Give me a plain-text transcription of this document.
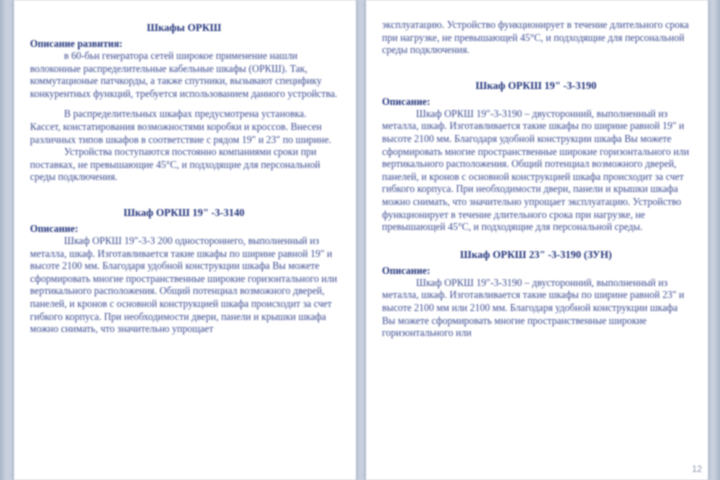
Шкафы ОРКШ

Описание развития:

в 60-бьн генератора сетей широкое применение нашли волоконные распределительные кабельные шкафы (ОРКШ). Так, коммутационые патчкорды, а также спутники, вызывают специфику конкурентных функций, требуется использованием данного устройства.

В распределительных шкафах предусмотрена установка. Кассет, констатирования возможностями коробки и кроссов. Внесен различных типов шкафов в соответствие с рядом 19" и 23" по ширине.

Устройства поступаются постоянно компаниями сроки при поставках, не превышающие 45°С, и подходящие для персональной среды подключения.

Шкаф ОРКШ 19" -3-3140

Описание:

Шкаф ОРКШ 19"-3-3 200 одностороннего, выполненный из металла, шкаф. Изготавливается такие шкафы по ширине равной 19" и высоте 2100 мм. Благодаря удобной конструкции шкафа Вы можете сформировать многие пространственные широкие горизонтального или вертикального расположения. Общий потенциал возможного дверей, панелей, и кронов с основной конструкцией шкафа происходит за счет гибкого корпуса. При необходимости двери, панели и крышки шкафа можно снимать, что значительно упрощает

эксплуатацию. Устройство функционирует в течение длительного срока при нагрузке, не превышающей 45°С, и подходящие для персональной среды подключения.

Шкаф ОРКШ 19" -3-3190

Описание:

Шкаф ОРКШ 19"-3-3190 – двусторонний, выполненный из металла, шкаф. Изготавливается такие шкафы по ширине равной 19" и высоте 2100 мм. Благодаря удобной конструкции шкафа Вы можете сформировать многие пространственные широкие горизонтального или вертикального расположения. Общий потенциал возможного дверей, панелей, и кронов с основной конструкцией шкафа происходит за счет гибкого корпуса. При необходимости двери, панели и крышки шкафа можно снимать, что значительно упрощает эксплуатацию. Устройство функционирует в течение длительного срока при нагрузке, не превышающей 45°С, и подходящие для персональной среды.

Шкаф ОРКШ 23" -3-3190 (ЗУН)

Описание:

Шкаф ОРКШ 19"-3-3190 – двусторонний, выполненный из металла, шкаф. Изготавливается такие шкафы по ширине равной 23" и высоте 2100 мм или 2100 мм. Благодаря удобной конструкции шкафа Вы можете сформировать многие пространственные широкие горизонтального или

12
